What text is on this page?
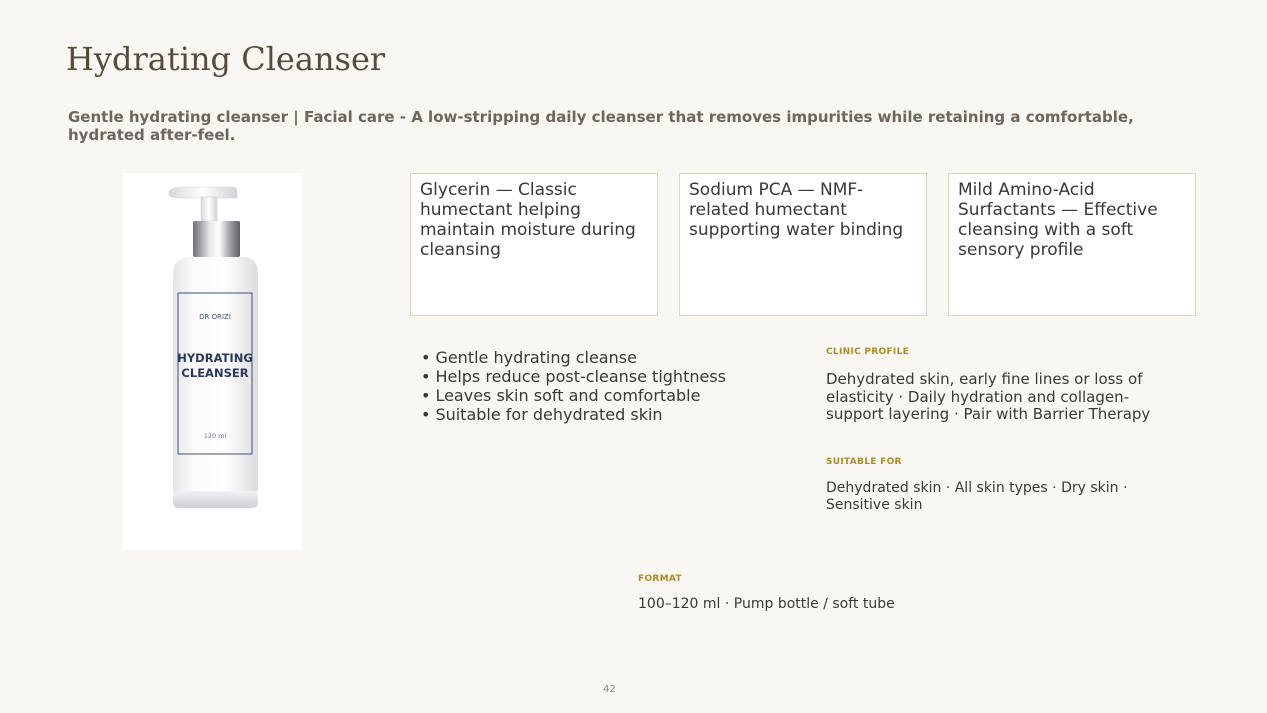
Hydrating Cleanser

Gentle hydrating cleanser | Facial care - A low-stripping daily cleanser that removes impurities while retaining a comfortable, hydrated after-feel.

DR ORIZI
HYDRATING
CLEANSER
120 ml
Glycerin — Classic humectant helping maintain moisture during cleansing
Sodium PCA — NMF-related humectant supporting water binding
Mild Amino-Acid Surfactants — Effective cleansing with a soft sensory profile
• Gentle hydrating cleanse
• Helps reduce post-cleanse tightness
• Leaves skin soft and comfortable
• Suitable for dehydrated skin
CLINIC PROFILE
Dehydrated skin, early fine lines or loss of elasticity · Daily hydration and collagen-support layering · Pair with Barrier Therapy
SUITABLE FOR
Dehydrated skin · All skin types · Dry skin · Sensitive skin
FORMAT
100–120 ml · Pump bottle / soft tube
42
